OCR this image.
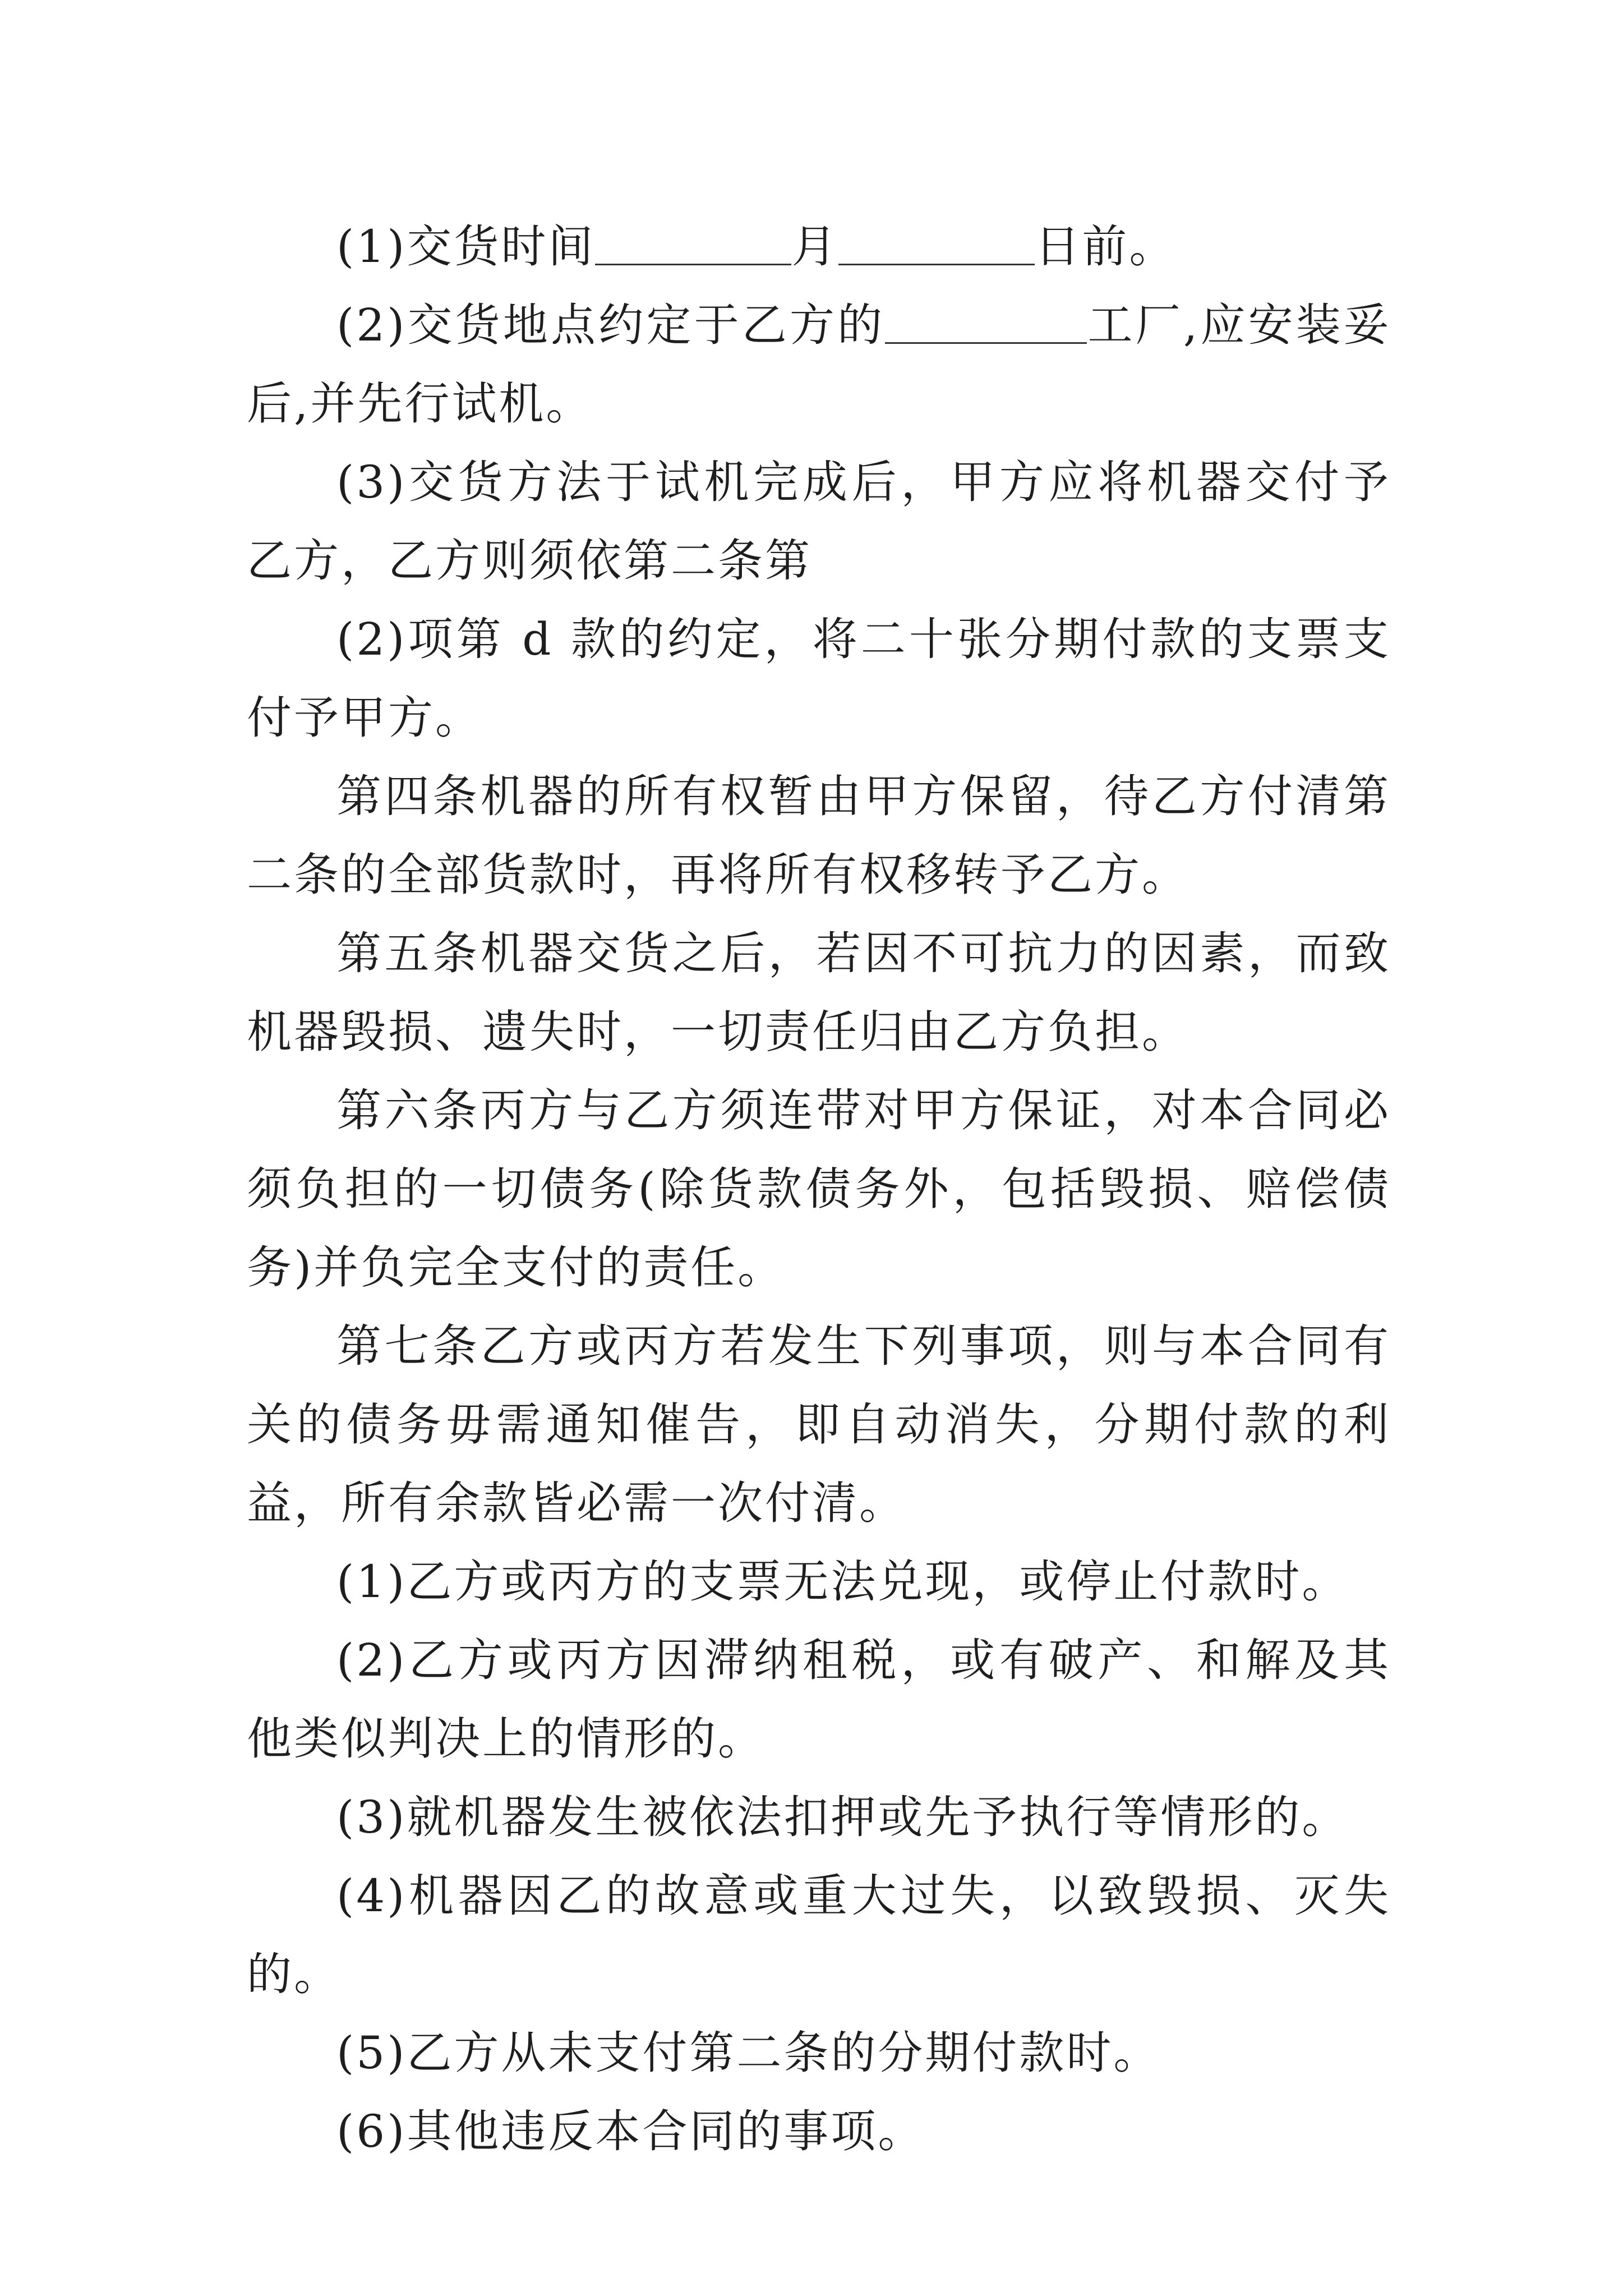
(1)交货时间	月	日前。

(2)交货地点约定于乙方的	工厂,应安装妥后,并先行试机。

(3)交货方法于试机完成后，甲方应将机器交付予乙方，乙方则须依第二条第

(2)项第 d 款的约定，将二十张分期付款的支票支付予甲方。

第四条机器的所有权暂由甲方保留，待乙方付清第二条的全部货款时，再将所有权移转予乙方。

第五条机器交货之后，若因不可抗力的因素，而致机器毁损、遗失时，一切责任归由乙方负担。

第六条丙方与乙方须连带对甲方保证，对本合同必须负担的一切债务(除货款债务外，包括毁损、赔偿债务)并负完全支付的责任。

第七条乙方或丙方若发生下列事项，则与本合同有关的债务毋需通知催告，即自动消失，分期付款的利益，所有余款皆必需一次付清。

(1)乙方或丙方的支票无法兑现，或停止付款时。

(2)乙方或丙方因滞纳租税，或有破产、和解及其他类似判决上的情形的。

(3)就机器发生被依法扣押或先予执行等情形的。

(4)机器因乙的故意或重大过失，以致毁损、灭失的。

(5)乙方从未支付第二条的分期付款时。

(6)其他违反本合同的事项。
